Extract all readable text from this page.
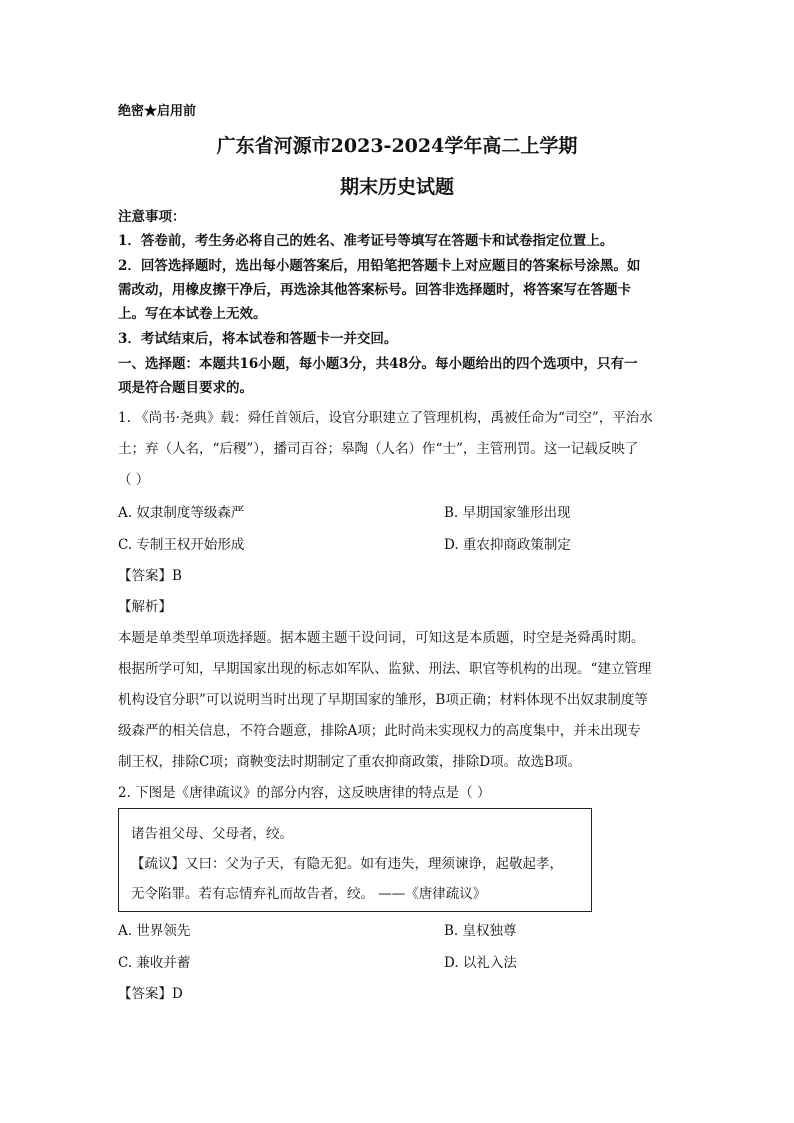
绝密★启用前
广东省河源市2023-2024学年高二上学期
期末历史试题
注意事项：
1．答卷前，考生务必将自己的姓名、准考证号等填写在答题卡和试卷指定位置上。
2．回答选择题时，选出每小题答案后，用铅笔把答题卡上对应题目的答案标号涂黑。如
需改动，用橡皮擦干净后，再选涂其他答案标号。回答非选择题时，将答案写在答题卡
上。写在本试卷上无效。
3．考试结束后，将本试卷和答题卡一并交回。
一、选择题：本题共16小题，每小题3分，共48分。每小题给出的四个选项中，只有一
项是符合题目要求的。
1. 《尚书·尧典》载：舜任首领后，设官分职建立了管理机构，禹被任命为“司空”，平治水
土；弃（人名，“后稷”），播司百谷；皋陶（人名）作“士”，主管刑罚。这一记载反映了
（ ）
A. 奴隶制度等级森严	B. 早期国家雏形出现
C. 专制王权开始形成	D. 重农抑商政策制定
【答案】B
【解析】
本题是单类型单项选择题。据本题主题干设问词，可知这是本质题，时空是尧舜禹时期。
根据所学可知，早期国家出现的标志如军队、监狱、刑法、职官等机构的出现。“建立管理
机构设官分职”可以说明当时出现了早期国家的雏形，B项正确；材料体现不出奴隶制度等
级森严的相关信息，不符合题意，排除A项；此时尚未实现权力的高度集中，并未出现专
制王权，排除C项；商鞅变法时期制定了重农抑商政策，排除D项。故选B项。
2. 下图是《唐律疏议》的部分内容，这反映唐律的特点是（ ）
诸告祖父母、父母者，绞。
【疏议】又曰：父为子天，有隐无犯。如有违失，理须谏诤，起敬起孝，
无令陷罪。若有忘情弃礼而故告者，绞。 ——《唐律疏议》
A. 世界领先	B. 皇权独尊
C. 兼收并蓄	D. 以礼入法
【答案】D
